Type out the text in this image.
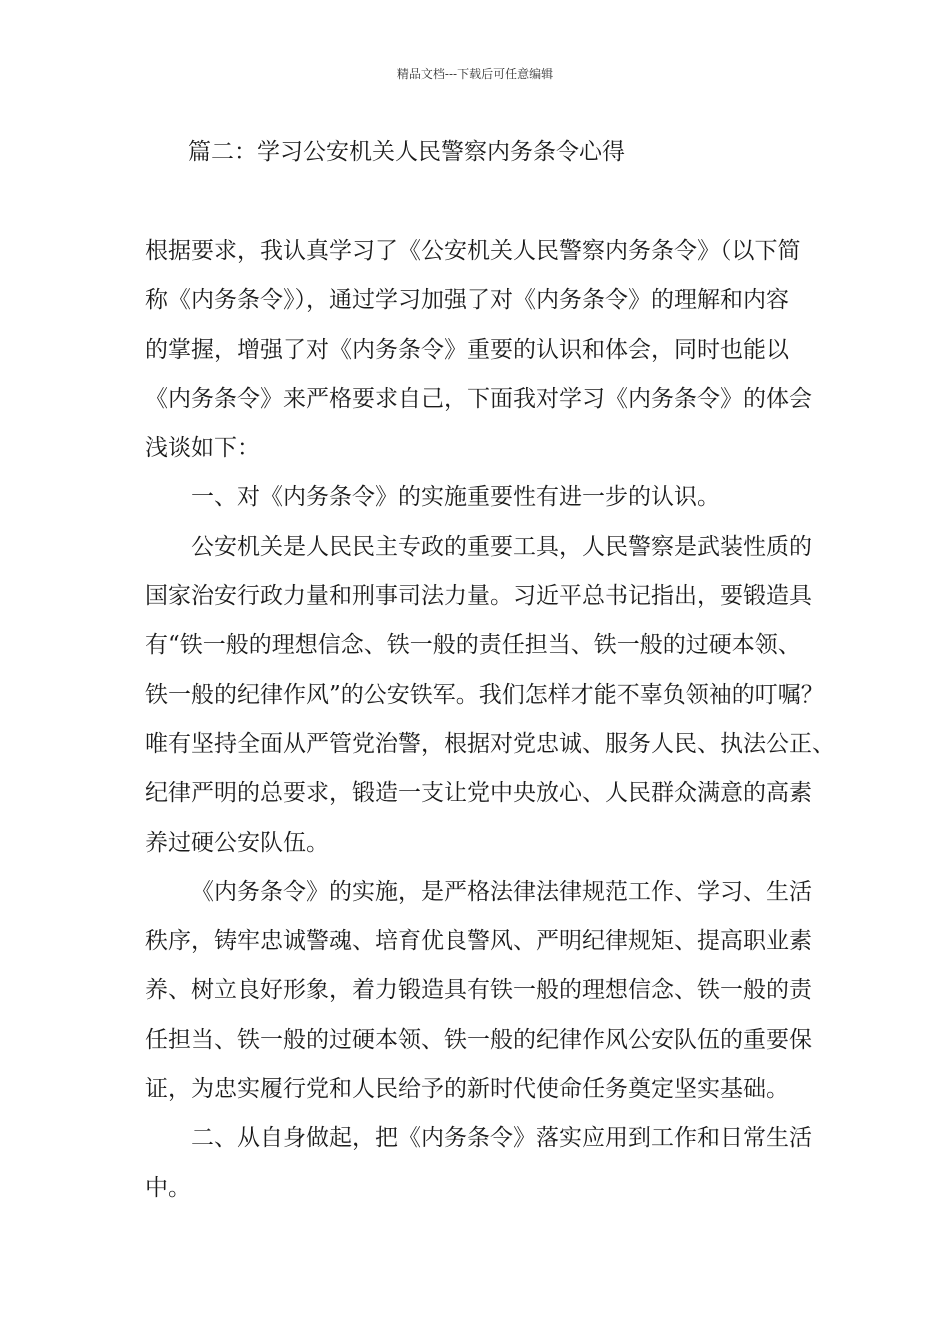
精品文档---下载后可任意编辑
篇二：学习公安机关人民警察内务条令心得
根据要求，我认真学习了《公安机关人民警察内务条令》（以下简
称《内务条令》），通过学习加强了对《内务条令》的理解和内容
的掌握，增强了对《内务条令》重要的认识和体会，同时也能以
《内务条令》来严格要求自己，下面我对学习《内务条令》的体会
浅谈如下：
一、对《内务条令》的实施重要性有进一步的认识。
公安机关是人民民主专政的重要工具，人民警察是武装性质的
国家治安行政力量和刑事司法力量。习近平总书记指出，要锻造具
有“铁一般的理想信念、铁一般的责任担当、铁一般的过硬本领、
铁一般的纪律作风”的公安铁军。我们怎样才能不辜负领袖的叮嘱？
唯有坚持全面从严管党治警，根据对党忠诚、服务人民、执法公正、
纪律严明的总要求，锻造一支让党中央放心、人民群众满意的高素
养过硬公安队伍。
《内务条令》的实施，是严格法律法律规范工作、学习、生活
秩序，铸牢忠诚警魂、培育优良警风、严明纪律规矩、提高职业素
养、树立良好形象，着力锻造具有铁一般的理想信念、铁一般的责
任担当、铁一般的过硬本领、铁一般的纪律作风公安队伍的重要保
证，为忠实履行党和人民给予的新时代使命任务奠定坚实基础。
二、从自身做起，把《内务条令》落实应用到工作和日常生活
中。
